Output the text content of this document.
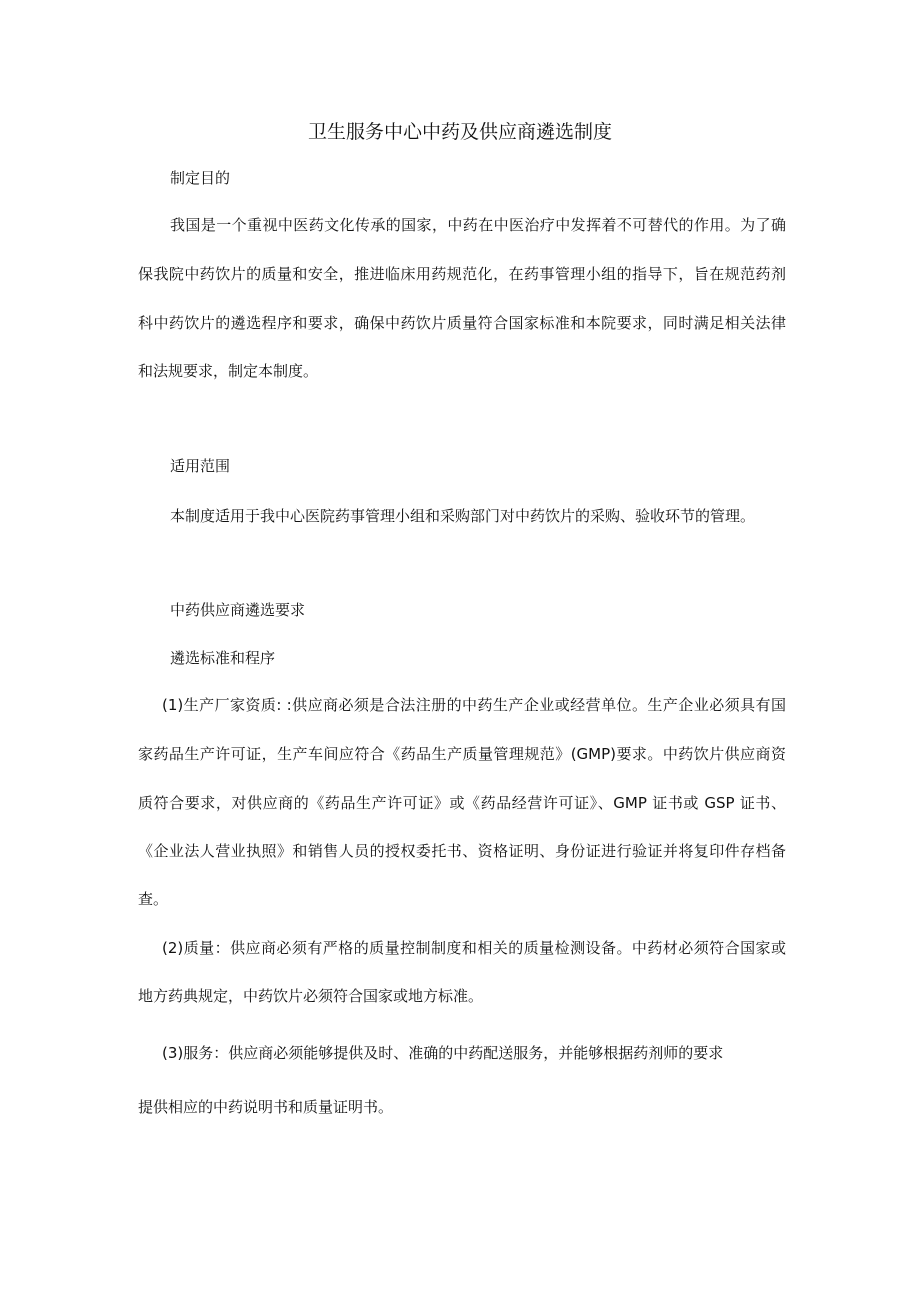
卫生服务中心中药及供应商遴选制度
制定目的
我国是一个重视中医药文化传承的国家，中药在中医治疗中发挥着不可替代的作用。为了确
保我院中药饮片的质量和安全，推进临床用药规范化，在药事管理小组的指导下，旨在规范药剂
科中药饮片的遴选程序和要求，确保中药饮片质量符合国家标准和本院要求，同时满足相关法律
和法规要求，制定本制度。
适用范围
本制度适用于我中心医院药事管理小组和采购部门对中药饮片的采购、验收环节的管理。
中药供应商遴选要求
遴选标准和程序
(1)生产厂家资质: :供应商必须是合法注册的中药生产企业或经营单位。生产企业必须具有国
家药品生产许可证，生产车间应符合《药品生产质量管理规范》(GMP)要求。中药饮片供应商资
质符合要求，对供应商的《药品生产许可证》或《药品经营许可证》、GMP 证书或 GSP 证书、
《企业法人营业执照》和销售人员的授权委托书、资格证明、身份证进行验证并将复印件存档备
查。
(2)质量：供应商必须有严格的质量控制制度和相关的质量检测设备。中药材必须符合国家或
地方药典规定，中药饮片必须符合国家或地方标准。
(3)服务：供应商必须能够提供及时、准确的中药配送服务，并能够根据药剂师的要求
提供相应的中药说明书和质量证明书。
